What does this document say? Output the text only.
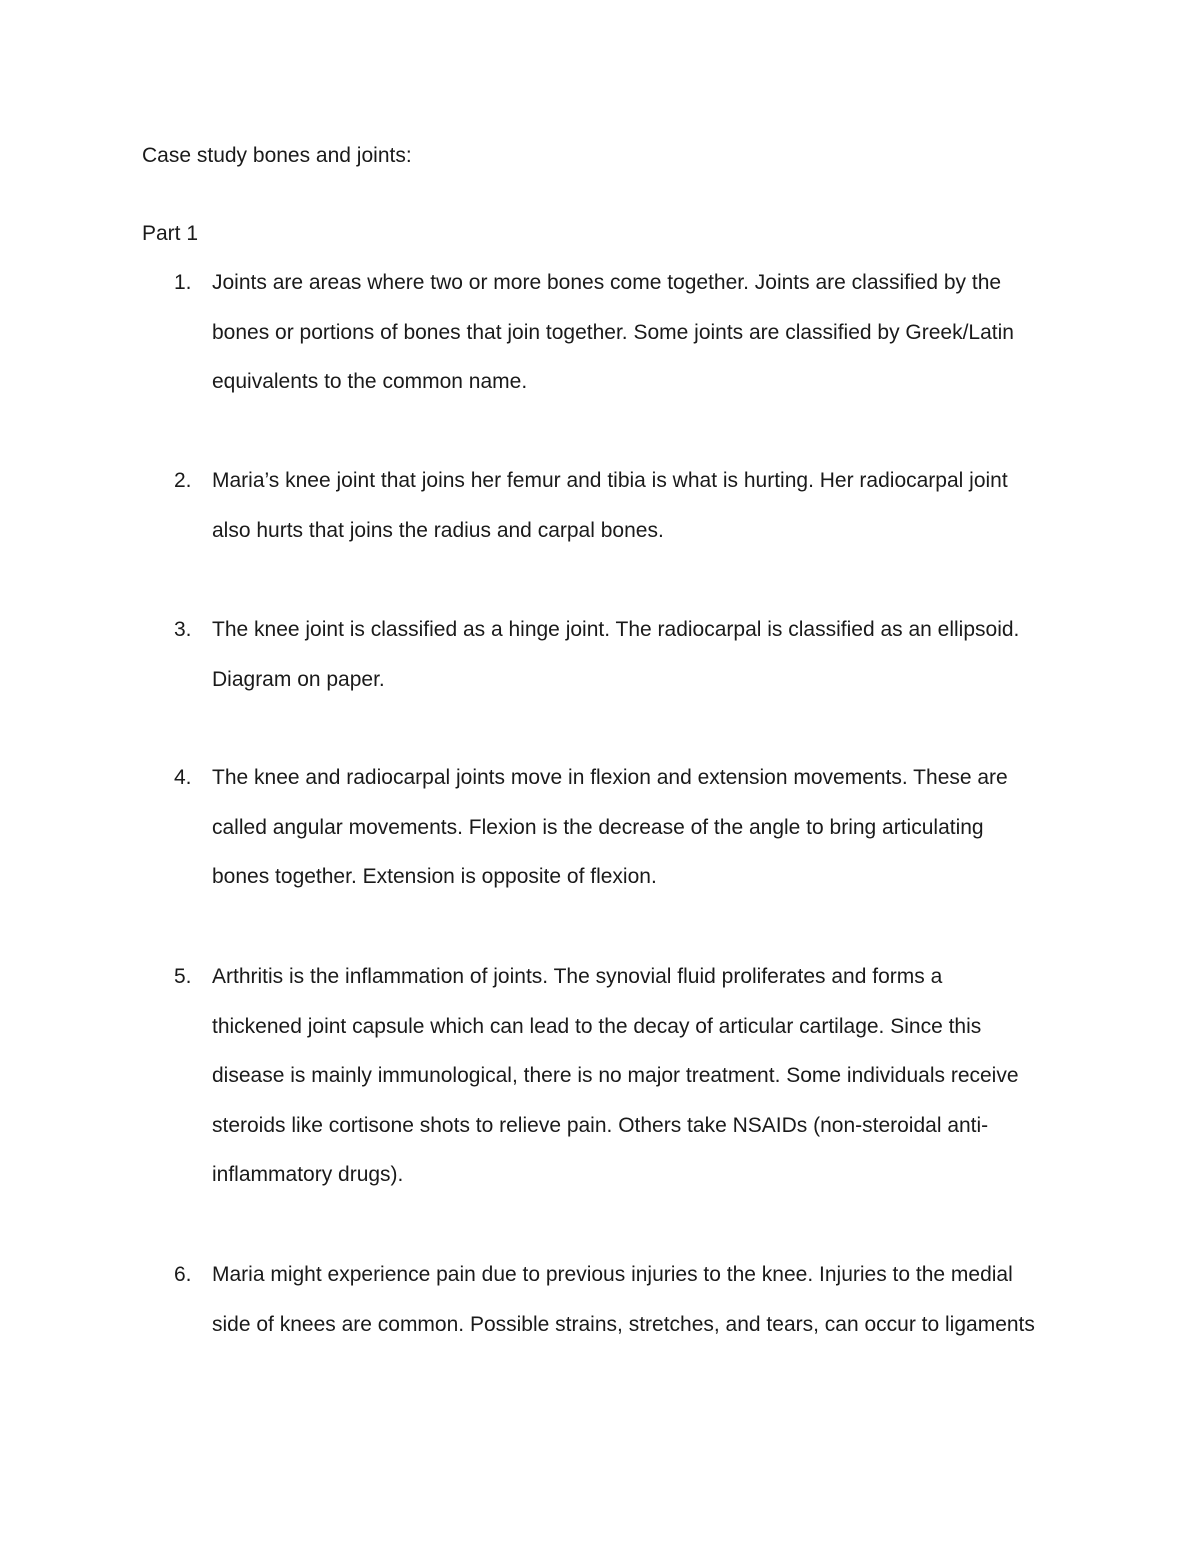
Case study bones and joints:
Part 1
1. Joints are areas where two or more bones come together. Joints are classified by the
bones or portions of bones that join together. Some joints are classified by Greek/Latin
equivalents to the common name.
2. Maria’s knee joint that joins her femur and tibia is what is hurting. Her radiocarpal joint
also hurts that joins the radius and carpal bones.
3. The knee joint is classified as a hinge joint. The radiocarpal is classified as an ellipsoid.
Diagram on paper.
4. The knee and radiocarpal joints move in flexion and extension movements. These are
called angular movements. Flexion is the decrease of the angle to bring articulating
bones together. Extension is opposite of flexion.
5. Arthritis is the inflammation of joints. The synovial fluid proliferates and forms a
thickened joint capsule which can lead to the decay of articular cartilage. Since this
disease is mainly immunological, there is no major treatment. Some individuals receive
steroids like cortisone shots to relieve pain. Others take NSAIDs (non-steroidal anti-
inflammatory drugs).
6. Maria might experience pain due to previous injuries to the knee. Injuries to the medial
side of knees are common. Possible strains, stretches, and tears, can occur to ligaments
